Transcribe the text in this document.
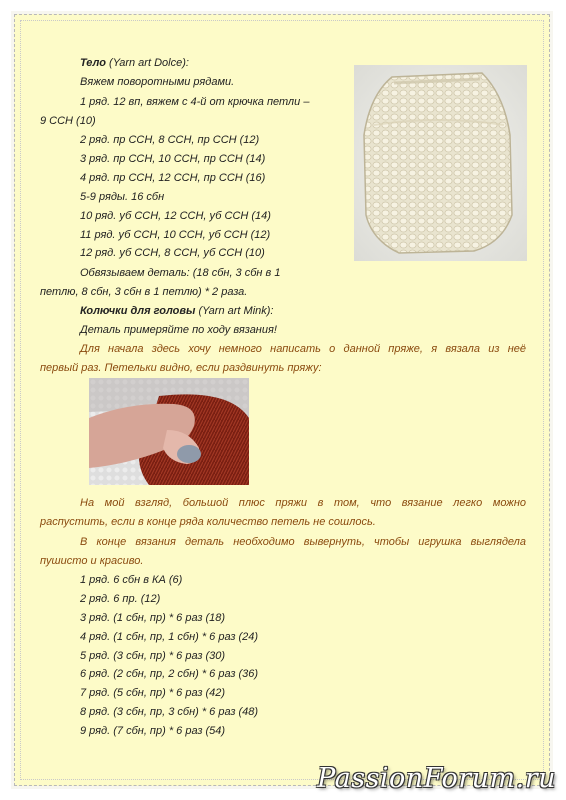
Тело (Yarn art Dolce):
Вяжем поворотными рядами.
1 ряд. 12 вп, вяжем с 4-й от крючка петли –
9 ССН (10)
2 ряд. пр ССН, 8 ССН, пр ССН (12)
3 ряд. пр ССН, 10 ССН, пр ССН (14)
4 ряд. пр ССН, 12 ССН, пр ССН (16)
5-9 ряды. 16 сбн
10 ряд. уб ССН, 12 ССН, уб ССН (14)
11 ряд. уб ССН, 10 ССН, уб ССН (12)
12 ряд. уб ССН, 8 ССН, уб ССН (10)
Обвязываем деталь: (18 сбн, 3 сбн в 1
петлю, 8 сбн, 3 сбн в 1 петлю) * 2 раза.
Колючки для головы (Yarn art Mink):
Деталь примеряйте по ходу вязания!
Для начала здесь хочу немного написать о данной пряже, я вязала из неё
первый раз. Петельки видно, если раздвинуть пряжу:
На мой взгляд, большой плюс пряжи в том, что вязание легко можно
распустить, если в конце ряда количество петель не сошлось.
В конце вязания деталь необходимо вывернуть, чтобы игрушка выглядела
пушисто и красиво.
1 ряд. 6 сбн в КА (6)
2 ряд. 6 пр. (12)
3 ряд. (1 сбн, пр) * 6 раз (18)
4 ряд. (1 сбн, пр, 1 сбн) * 6 раз (24)
5 ряд. (3 сбн, пр) * 6 раз (30)
6 ряд. (2 сбн, пр, 2 сбн) * 6 раз (36)
7 ряд. (5 сбн, пр) * 6 раз (42)
8 ряд. (3 сбн, пр, 3 сбн) * 6 раз (48)
9 ряд. (7 сбн, пр) * 6 раз (54)
PassionForum.ru
